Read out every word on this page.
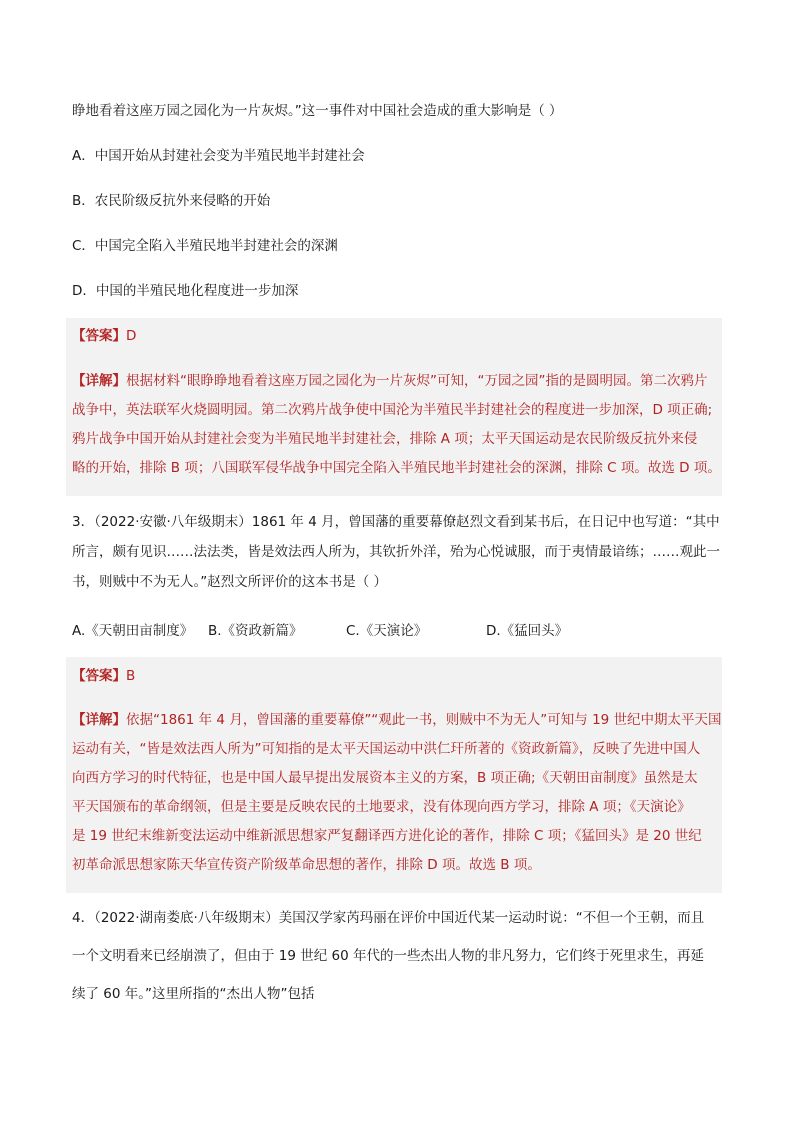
睁地看着这座万园之园化为一片灰烬。”这一事件对中国社会造成的重大影响是（ ）
A．中国开始从封建社会变为半殖民地半封建社会
B．农民阶级反抗外来侵略的开始
C．中国完全陷入半殖民地半封建社会的深渊
D．中国的半殖民地化程度进一步加深
【答案】D
【详解】根据材料“眼睁睁地看着这座万园之园化为一片灰烬”可知，“万园之园”指的是圆明园。第二次鸦片
战争中，英法联军火烧圆明园。第二次鸦片战争使中国沦为半殖民半封建社会的程度进一步加深，D 项正确;
鸦片战争中国开始从封建社会变为半殖民地半封建社会，排除 A 项；太平天国运动是农民阶级反抗外来侵
略的开始，排除 B 项；八国联军侵华战争中国完全陷入半殖民地半封建社会的深渊，排除 C 项。故选 D 项。
3．（2022·安徽·八年级期末）1861 年 4 月，曾国藩的重要幕僚赵烈文看到某书后，在日记中也写道：“其中
所言，颇有见识……法法类，皆是效法西人所为，其钦折外洋，殆为心悦诚服，而于夷情最谙练；……观此一
书，则贼中不为无人。”赵烈文所评价的这本书是（ ）
A.《天朝田亩制度》 B.《资政新篇》	C.《天演论》	D.《猛回头》
【答案】B
【详解】依据“1861 年 4 月，曾国藩的重要幕僚”“观此一书，则贼中不为无人”可知与 19 世纪中期太平天国
运动有关，“皆是效法西人所为”可知指的是太平天国运动中洪仁玕所著的《资政新篇》，反映了先进中国人
向西方学习的时代特征，也是中国人最早提出发展资本主义的方案，B 项正确;《天朝田亩制度》虽然是太
平天国颁布的革命纲领，但是主要是反映农民的土地要求，没有体现向西方学习，排除 A 项；《天演论》
是 19 世纪末维新变法运动中维新派思想家严复翻译西方进化论的著作，排除 C 项；《猛回头》是 20 世纪
初革命派思想家陈天华宣传资产阶级革命思想的著作，排除 D 项。故选 B 项。
4．（2022·湖南娄底·八年级期末）美国汉学家芮玛丽在评价中国近代某一运动时说：“不但一个王朝，而且
一个文明看来已经崩溃了，但由于 19 世纪 60 年代的一些杰出人物的非凡努力，它们终于死里求生，再延
续了 60 年。”这里所指的“杰出人物”包括
